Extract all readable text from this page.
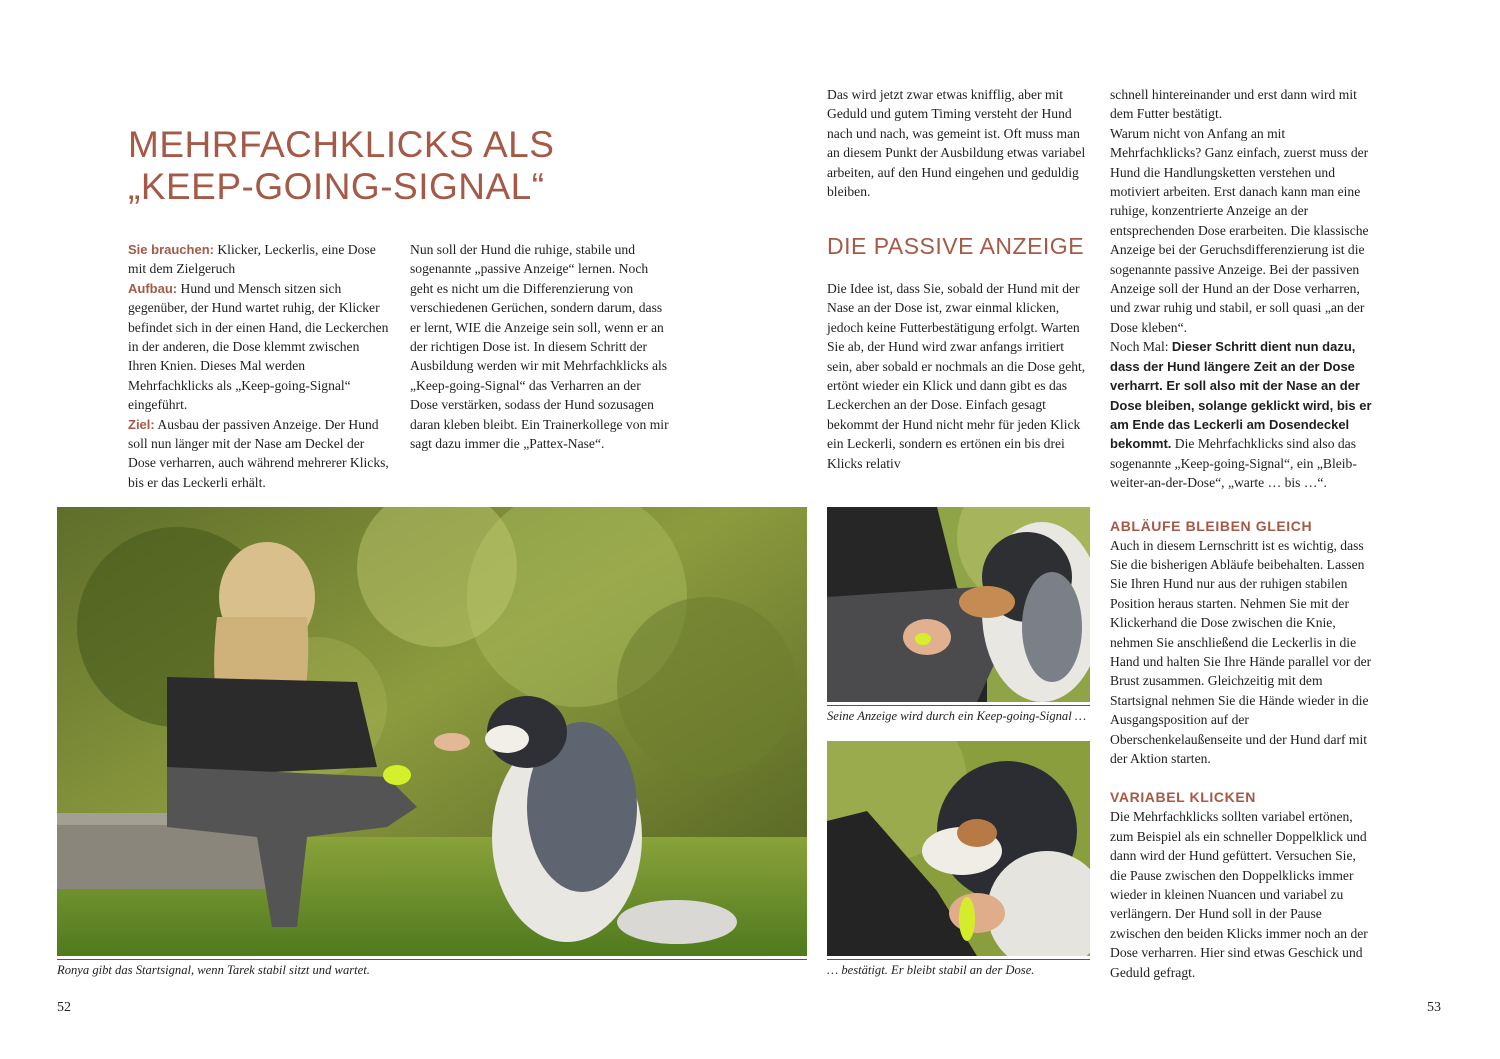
MEHRFACHKLICKS ALS
„KEEP-GOING-SIGNAL“

Sie brauchen: Klicker, Leckerlis, eine Dose mit dem Zielgeruch

Aufbau: Hund und Mensch sitzen sich gegenüber, der Hund wartet ruhig, der Klicker befindet sich in der einen Hand, die Leckerchen in der anderen, die Dose klemmt zwischen Ihren Knien. Dieses Mal werden Mehrfachklicks als „Keep-going-Signal“ eingeführt.

Ziel: Ausbau der passiven Anzeige. Der Hund soll nun länger mit der Nase am Deckel der Dose verharren, auch während mehrerer Klicks, bis er das Leckerli erhält.

Nun soll der Hund die ruhige, stabile und sogenannte „passive Anzeige“ lernen. Noch geht es nicht um die Differenzierung von verschiedenen Gerüchen, sondern darum, dass er lernt, WIE die Anzeige sein soll, wenn er an der richtigen Dose ist. In diesem Schritt der Ausbildung werden wir mit Mehrfachklicks als „Keep-going-Signal“ das Verharren an der Dose verstärken, sodass der Hund sozusagen daran kleben bleibt. Ein Trainerkollege von mir sagt dazu immer die „Pattex-Nase“.

Ronya gibt das Startsignal, wenn Tarek stabil sitzt und wartet.
52

Das wird jetzt zwar etwas knifflig, aber mit Geduld und gutem Timing versteht der Hund nach und nach, was gemeint ist. Oft muss man an diesem Punkt der Ausbildung etwas variabel arbeiten, auf den Hund eingehen und geduldig bleiben.

DIE PASSIVE ANZEIGE

Die Idee ist, dass Sie, sobald der Hund mit der Nase an der Dose ist, zwar einmal klicken, jedoch keine Futterbestätigung erfolgt. Warten Sie ab, der Hund wird zwar anfangs irritiert sein, aber sobald er nochmals an die Dose geht, ertönt wieder ein Klick und dann gibt es das Leckerchen an der Dose. Einfach gesagt bekommt der Hund nicht mehr für jeden Klick ein Leckerli, sondern es ertönen ein bis drei Klicks relativ

Seine Anzeige wird durch ein Keep-going-Signal …
… bestätigt. Er bleibt stabil an der Dose.

schnell hintereinander und erst dann wird mit dem Futter bestätigt.

Warum nicht von Anfang an mit Mehrfachklicks? Ganz einfach, zuerst muss der Hund die Handlungsketten verstehen und motiviert arbeiten. Erst danach kann man eine ruhige, konzentrierte Anzeige an der entsprechenden Dose erarbeiten. Die klassische Anzeige bei der Geruchsdifferenzierung ist die sogenannte passive Anzeige. Bei der passiven Anzeige soll der Hund an der Dose verharren, und zwar ruhig und stabil, er soll quasi „an der Dose kleben“.

Noch Mal: Dieser Schritt dient nun dazu, dass der Hund längere Zeit an der Dose verharrt. Er soll also mit der Nase an der Dose bleiben, solange geklickt wird, bis er am Ende das Leckerli am Dosendeckel bekommt. Die Mehrfachklicks sind also das sogenannte „Keep-going-Signal“, ein „Bleib-weiter-an-der-Dose“, „warte … bis …“.

ABLÄUFE BLEIBEN GLEICH

Auch in diesem Lernschritt ist es wichtig, dass Sie die bisherigen Abläufe beibehalten. Lassen Sie Ihren Hund nur aus der ruhigen stabilen Position heraus starten. Nehmen Sie mit der Klickerhand die Dose zwischen die Knie, nehmen Sie anschließend die Leckerlis in die Hand und halten Sie Ihre Hände parallel vor der Brust zusammen. Gleichzeitig mit dem Startsignal nehmen Sie die Hände wieder in die Ausgangsposition auf der Oberschenkelaußenseite und der Hund darf mit der Aktion starten.

VARIABEL KLICKEN

Die Mehrfachklicks sollten variabel ertönen, zum Beispiel als ein schneller Doppelklick und dann wird der Hund gefüttert. Versuchen Sie, die Pause zwischen den Doppelklicks immer wieder in kleinen Nuancen und variabel zu verlängern. Der Hund soll in der Pause zwischen den beiden Klicks immer noch an der Dose verharren. Hier sind etwas Geschick und Geduld gefragt.

53
